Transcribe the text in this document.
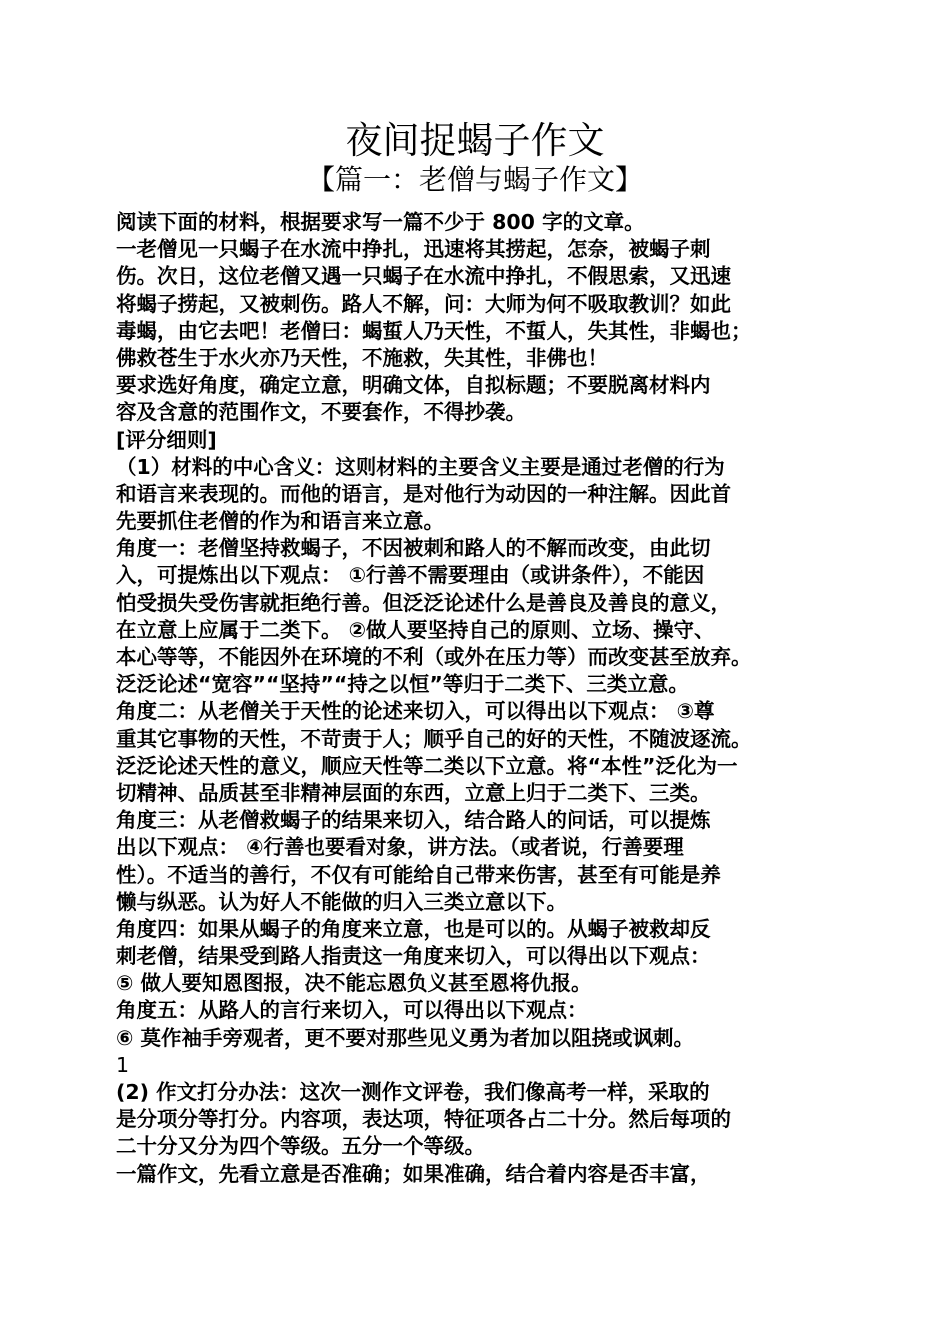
夜间捉蝎子作文
【篇一：老僧与蝎子作文】
阅读下面的材料，根据要求写一篇不少于 800 字的文章。
一老僧见一只蝎子在水流中挣扎，迅速将其捞起，怎奈，被蝎子刺
伤。次日，这位老僧又遇一只蝎子在水流中挣扎，不假思索，又迅速
将蝎子捞起，又被刺伤。路人不解，问：大师为何不吸取教训？如此
毒蝎，由它去吧！老僧曰：蝎蜇人乃天性，不蜇人，失其性，非蝎也；
佛救苍生于水火亦乃天性，不施救，失其性，非佛也！
要求选好角度，确定立意，明确文体，自拟标题；不要脱离材料内
容及含意的范围作文，不要套作，不得抄袭。
[评分细则]
（1）材料的中心含义：这则材料的主要含义主要是通过老僧的行为
和语言来表现的。而他的语言，是对他行为动因的一种注解。因此首
先要抓住老僧的作为和语言来立意。
角度一：老僧坚持救蝎子，不因被刺和路人的不解而改变，由此切
入，可提炼出以下观点： ①行善不需要理由（或讲条件），不能因
怕受损失受伤害就拒绝行善。但泛泛论述什么是善良及善良的意义，
在立意上应属于二类下。 ②做人要坚持自己的原则、立场、操守、
本心等等，不能因外在环境的不利（或外在压力等）而改变甚至放弃。
泛泛论述“宽容”“坚持”“持之以恒”等归于二类下、三类立意。
角度二：从老僧关于天性的论述来切入，可以得出以下观点： ③尊
重其它事物的天性，不苛责于人；顺乎自己的好的天性，不随波逐流。
泛泛论述天性的意义，顺应天性等二类以下立意。将“本性”泛化为一
切精神、品质甚至非精神层面的东西，立意上归于二类下、三类。
角度三：从老僧救蝎子的结果来切入，结合路人的问话，可以提炼
出以下观点： ④行善也要看对象，讲方法。（或者说，行善要理
性）。不适当的善行，不仅有可能给自己带来伤害，甚至有可能是养
懒与纵恶。认为好人不能做的归入三类立意以下。
角度四：如果从蝎子的角度来立意，也是可以的。从蝎子被救却反
刺老僧，结果受到路人指责这一角度来切入，可以得出以下观点：
⑤ 做人要知恩图报，决不能忘恩负义甚至恩将仇报。
角度五：从路人的言行来切入，可以得出以下观点：
⑥ 莫作袖手旁观者，更不要对那些见义勇为者加以阻挠或讽刺。
1
(2) 作文打分办法：这次一测作文评卷，我们像高考一样，采取的
是分项分等打分。内容项，表达项，特征项各占二十分。然后每项的
二十分又分为四个等级。五分一个等级。
一篇作文，先看立意是否准确；如果准确，结合着内容是否丰富，
